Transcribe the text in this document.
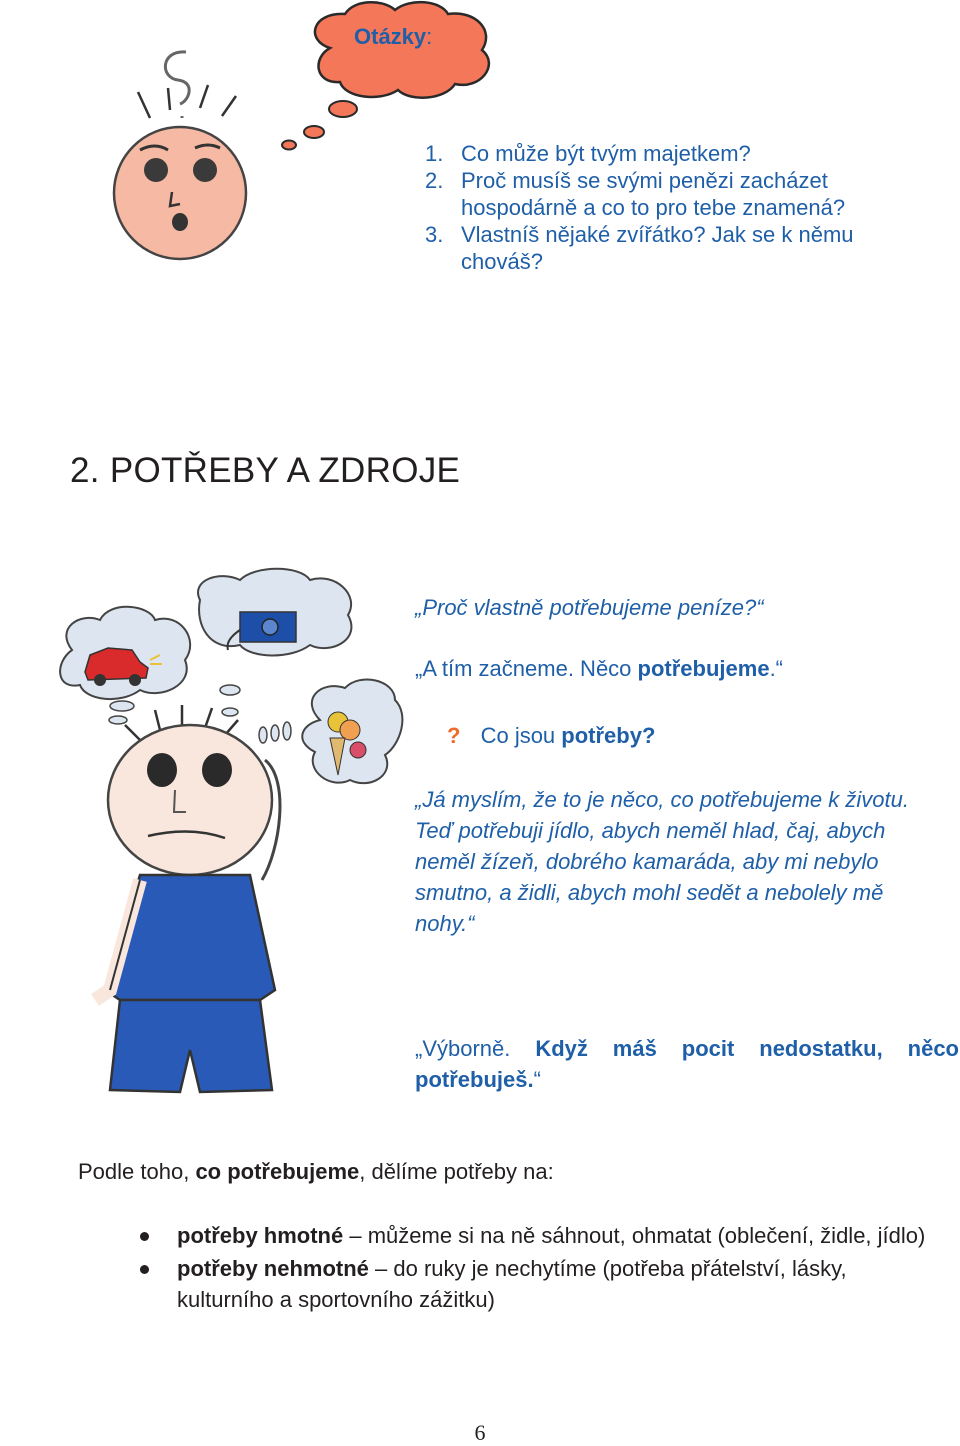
Otázky:
1. Co může být tvým majetkem?
2. Proč musíš se svými penězi zacházet hospodárně a co to pro tebe znamená?
3. Vlastníš nějaké zvířátko? Jak se k němu chováš?
2. POTŘEBY A ZDROJE
„Proč vlastně potřebujeme peníze?“
„A tím začneme. Něco potřebujeme.“
? Co jsou potřeby?
„Já myslím, že to je něco, co potřebujeme k životu. Teď potřebuji jídlo, abych neměl hlad, čaj, abych neměl žízeň, dobrého kamaráda, aby mi nebylo smutno, a židli, abych mohl sedět a nebolely mě nohy.“
„Výborně. Když máš pocit nedostatku, něco
potřebuješ.“
Podle toho, co potřebujeme, dělíme potřeby na:
potřeby hmotné – můžeme si na ně sáhnout, ohmatat (oblečení, židle, jídlo)
potřeby nehmotné – do ruky je nechytíme (potřeba přátelství, lásky, kulturního a sportovního zážitku)
6
